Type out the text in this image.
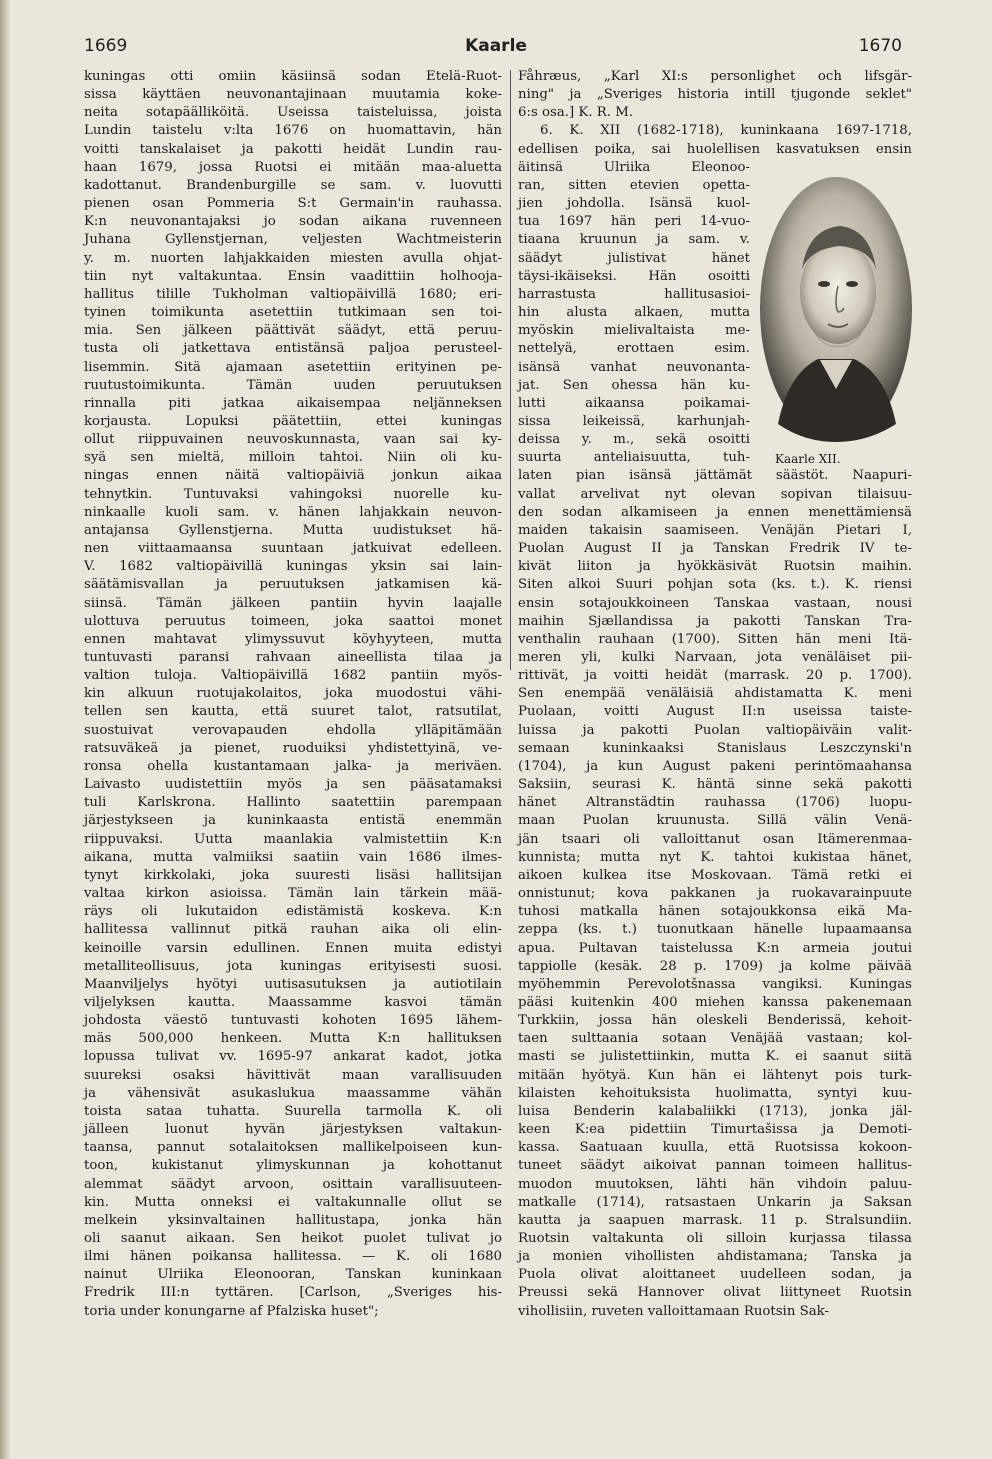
1669	Kaarle	1670
kuningas otti omiin käsiinsä sodan Etelä-Ruot-
sissa käyttäen neuvonantajinaan muutamia koke-
neita sotapäälliköitä. Useissa taisteluissa, joista
Lundin taistelu v:lta 1676 on huomattavin, hän
voitti tanskalaiset ja pakotti heidät Lundin rau-
haan 1679, jossa Ruotsi ei mitään maa-aluetta
kadottanut. Brandenburgille se sam. v. luovutti
pienen osan Pommeria S:t Germain'in rauhassa.
K:n neuvonantajaksi jo sodan aikana ruvenneen
Juhana Gyllenstjernan, veljesten Wachtmeisterin
y. m. nuorten lahjakkaiden miesten avulla ohjat-
tiin nyt valtakuntaa. Ensin vaadittiin holhooja-
hallitus tilille Tukholman valtiopäivillä 1680; eri-
tyinen toimikunta asetettiin tutkimaan sen toi-
mia. Sen jälkeen päättivät säädyt, että peruu-
tusta oli jatkettava entistänsä paljoa perusteel-
lisemmin. Sitä ajamaan asetettiin erityinen pe-
ruutustoimikunta. Tämän uuden peruutuksen
rinnalla piti jatkaa aikaisempaa neljänneksen
korjausta. Lopuksi päätettiin, ettei kuningas
ollut riippuvainen neuvoskunnasta, vaan sai ky-
syä sen mieltä, milloin tahtoi. Niin oli ku-
ningas ennen näitä valtiopäiviä jonkun aikaa
tehnytkin. Tuntuvaksi vahingoksi nuorelle ku-
ninkaalle kuoli sam. v. hänen lahjakkain neuvon-
antajansa Gyllenstjerna. Mutta uudistukset hä-
nen viittaamaansa suuntaan jatkuivat edelleen.
V. 1682 valtiopäivillä kuningas yksin sai lain-
säätämisvallan ja peruutuksen jatkamisen kä-
siinsä. Tämän jälkeen pantiin hyvin laajalle
ulottuva peruutus toimeen, joka saattoi monet
ennen mahtavat ylimyssuvut köyhyyteen, mutta
tuntuvasti paransi rahvaan aineellista tilaa ja
valtion tuloja. Valtiopäivillä 1682 pantiin myös-
kin alkuun ruotujakolaitos, joka muodostui vähi-
tellen sen kautta, että suuret talot, ratsutilat,
suostuivat verovapauden ehdolla ylläpitämään
ratsuväkeä ja pienet, ruoduiksi yhdistettyinä, ve-
ronsa ohella kustantamaan jalka- ja meriväen.
Laivasto uudistettiin myös ja sen pääsatamaksi
tuli Karlskrona. Hallinto saatettiin parempaan
järjestykseen ja kuninkaasta entistä enemmän
riippuvaksi. Uutta maanlakia valmistettiin K:n
aikana, mutta valmiiksi saatiin vain 1686 ilmes-
tynyt kirkkolaki, joka suuresti lisäsi hallitsijan
valtaa kirkon asioissa. Tämän lain tärkein mää-
räys oli lukutaidon edistämistä koskeva. K:n
hallitessa vallinnut pitkä rauhan aika oli elin-
keinoille varsin edullinen. Ennen muita edistyi
metalliteollisuus, jota kuningas erityisesti suosi.
Maanviljelys hyötyi uutisasutuksen ja autiotilain
viljelyksen kautta. Maassamme kasvoi tämän
johdosta väestö tuntuvasti kohoten 1695 lähem-
mäs 500,000 henkeen. Mutta K:n hallituksen
lopussa tulivat vv. 1695-97 ankarat kadot, jotka
suureksi osaksi hävittivät maan varallisuuden
ja vähensivät asukaslukua maassamme vähän
toista sataa tuhatta. Suurella tarmolla K. oli
jälleen luonut hyvän järjestyksen valtakun-
taansa, pannut sotalaitoksen mallikelpoiseen kun-
toon, kukistanut ylimyskunnan ja kohottanut
alemmat säädyt arvoon, osittain varallisuuteen-
kin. Mutta onneksi ei valtakunnalle ollut se
melkein yksinvaltainen hallitustapa, jonka hän
oli saanut aikaan. Sen heikot puolet tulivat jo
ilmi hänen poikansa hallitessa. — K. oli 1680
nainut Ulriika Eleonooran, Tanskan kuninkaan
Fredrik III:n tyttären. [Carlson, „Sveriges his-
toria under konungarne af Pfalziska huset";
Fåhræus, „Karl XI:s personlighet och lifsgär-
ning" ja „Sveriges historia intill tjugonde seklet"
6:s osa.] K. R. M.
6. K. XII (1682-1718), kuninkaana 1697-1718,
edellisen poika, sai huolellisen kasvatuksen ensin
äitinsä Ulriika Eleonoo-
ran, sitten etevien opetta-
jien johdolla. Isänsä kuol-
tua 1697 hän peri 14-vuo-
tiaana kruunun ja sam. v.
säädyt julistivat hänet
täysi-ikäiseksi. Hän osoitti
harrastusta hallitusasioi-
hin alusta alkaen, mutta
myöskin mielivaltaista me-
nettelyä, erottaen esim.
isänsä vanhat neuvonanta-
jat. Sen ohessa hän ku-
lutti aikaansa poikamai-
sissa leikeissä, karhunjah-
deissa y. m., sekä osoitti
suurta anteliaisuutta, tuh-
laten pian isänsä jättämät säästöt. Naapuri-
vallat arvelivat nyt olevan sopivan tilaisuu-
den sodan alkamiseen ja ennen menettämiensä
maiden takaisin saamiseen. Venäjän Pietari I,
Puolan August II ja Tanskan Fredrik IV te-
kivät liiton ja hyökkäsivät Ruotsin maihin.
Siten alkoi Suuri pohjan sota (ks. t.). K. riensi
ensin sotajoukkoineen Tanskaa vastaan, nousi
maihin Sjællandissa ja pakotti Tanskan Tra-
venthalin rauhaan (1700). Sitten hän meni Itä-
meren yli, kulki Narvaan, jota venäläiset pii-
rittivät, ja voitti heidät (marrask. 20 p. 1700).
Sen enempää venäläisiä ahdistamatta K. meni
Puolaan, voitti August II:n useissa taiste-
luissa ja pakotti Puolan valtiopäiväin valit-
semaan kuninkaaksi Stanislaus Leszczynski'n
(1704), ja kun August pakeni perintömaahansa
Saksiin, seurasi K. häntä sinne sekä pakotti
hänet Altranstädtin rauhassa (1706) luopu-
maan Puolan kruunusta. Sillä välin Venä-
jän tsaari oli valloittanut osan Itämerenmaa-
kunnista; mutta nyt K. tahtoi kukistaa hänet,
aikoen kulkea itse Moskovaan. Tämä retki ei
onnistunut; kova pakkanen ja ruokavarainpuute
tuhosi matkalla hänen sotajoukkonsa eikä Ma-
zeppa (ks. t.) tuonutkaan hänelle lupaamaansa
apua. Pultavan taistelussa K:n armeia joutui
tappiolle (kesäk. 28 p. 1709) ja kolme päivää
myöhemmin Perevolotšnassa vangiksi. Kuningas
pääsi kuitenkin 400 miehen kanssa pakenemaan
Turkkiin, jossa hän oleskeli Benderissä, kehoit-
taen sulttaania sotaan Venäjää vastaan; kol-
masti se julistettiinkin, mutta K. ei saanut siitä
mitään hyötyä. Kun hän ei lähtenyt pois turk-
kilaisten kehoituksista huolimatta, syntyi kuu-
luisa Benderin kalabaliikki (1713), jonka jäl-
keen K:ea pidettiin Timurtašissa ja Demoti-
kassa. Saatuaan kuulla, että Ruotsissa kokoon-
tuneet säädyt aikoivat pannan toimeen hallitus-
muodon muutoksen, lähti hän vihdoin paluu-
matkalle (1714), ratsastaen Unkarin ja Saksan
kautta ja saapuen marrask. 11 p. Stralsundiin.
Ruotsin valtakunta oli silloin kurjassa tilassa
ja monien vihollisten ahdistamana; Tanska ja
Puola olivat aloittaneet uudelleen sodan, ja
Preussi sekä Hannover olivat liittyneet Ruotsin
vihollisiin, ruveten valloittamaan Ruotsin Sak-
Kaarle XII.
